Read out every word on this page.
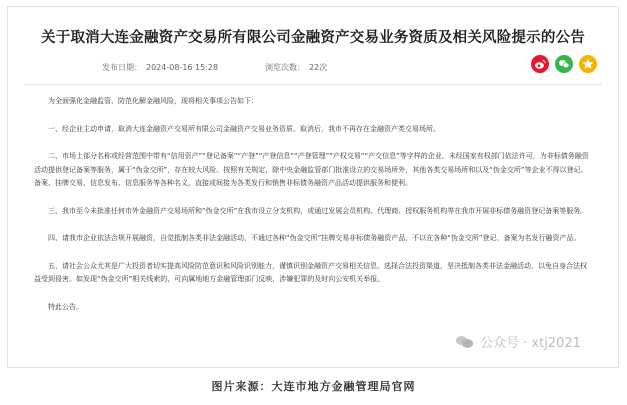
关于取消大连金融资产交易所有限公司金融资产交易业务资质及相关风险提示的公告
发布日期： 2024-08-16 15:28	浏览次数： 22次

为全面强化金融监管，防范化解金融风险，现将相关事项公告如下：

一、经企业主动申请，取消大连金融资产交易所有限公司金融资产交易业务资质。取消后，我市不再存在金融资产类交易场所。

二、市场上部分名称或经营范围中带有“信用资产”“登记备案”“产登”“产登信息”“产登管理”“产权交易”“产交信息”等字样的企业，未经国家有权部门依法许可，为非标债务融资活动提供登记备案等服务，属于“伪金交所”，存在较大风险。按照有关规定，除中央金融监管部门批准设立的交易场所外，其他各类交易场所和以及“伪金交所”等企业不得以登记、备案、挂牌交易、信息发布、信息服务等各种名义，直接或间接为各类发行和销售非标债务融资产品活动提供服务和便利。

三、我市至今未批准任何市外金融资产交易场所和“伪金交所”在我市设立分支机构，或通过发展会员机构、代理商、授权服务机构等在我市开展非标债务融资登记备案等服务。

四、请我市企业依法合规开展融资，自觉抵制各类非法金融活动，不通过各种“伪金交所”挂牌交易非标债务融资产品，不以在各种“伪金交所”登记、备案为名发行融资产品。

五、请社会公众尤其是广大投资者切实提高风险防范意识和风险识别能力，谨慎识别金融资产交易相关信息，选择合法投资渠道，坚决抵制各类非法金融活动，以免自身合法权益受到侵害。如发现“伪金交所”相关线索的，可向属地地方金融管理部门反映，涉嫌犯罪的及时向公安机关举报。

特此公告。

公众号 · xtj2021
图片来源：大连市地方金融管理局官网
